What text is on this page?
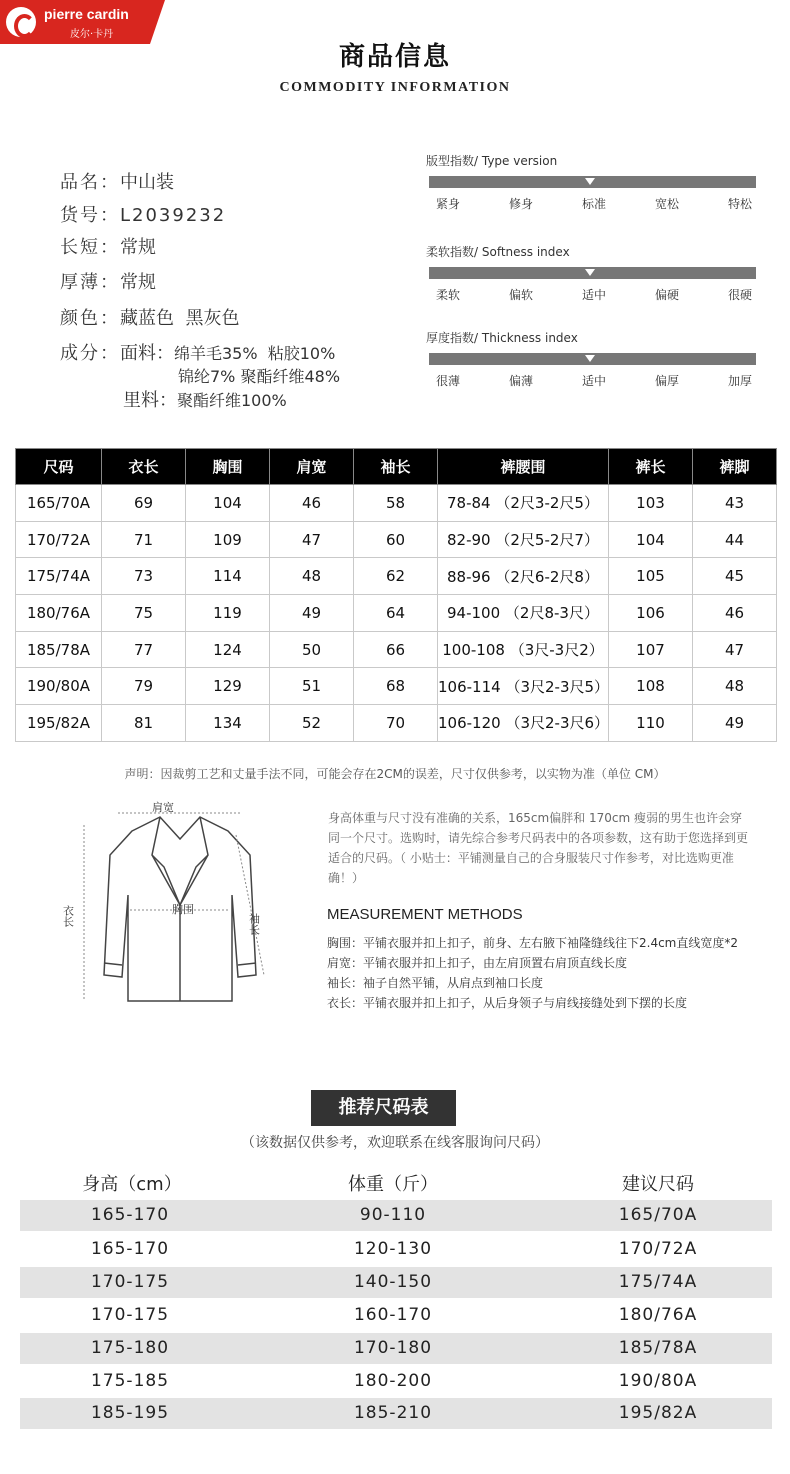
pierre cardin
皮尔·卡丹
商品信息
COMMODITY INFORMATION
品名：中山装
货号：L2039232
长短：常规
厚薄：常规
颜色：藏蓝色  黑灰色
成分：面料：绵羊毛35%  粘胶10%
锦纶7% 聚酯纤维48%
里料：聚酯纤维100%
版型指数/ Type version
紧身	修身	标准	宽松	特松
柔软指数/ Softness index
柔软	偏软	适中	偏硬	很硬
厚度指数/ Thickness index
很薄	偏薄	适中	偏厚	加厚
尺码	衣长	胸围	肩宽	袖长	裤腰围	裤长	裤脚
165/70A	69	104	46	58	78-84 （2尺3-2尺5）	103	43
170/72A	71	109	47	60	82-90 （2尺5-2尺7）	104	44
175/74A	73	114	48	62	88-96 （2尺6-2尺8）	105	45
180/76A	75	119	49	64	94-100 （2尺8-3尺）	106	46
185/78A	77	124	50	66	100-108 （3尺-3尺2）	107	47
190/80A	79	129	51	68	106-114 （3尺2-3尺5）	108	48
195/82A	81	134	52	70	106-120 （3尺2-3尺6）	110	49
声明：因裁剪工艺和丈量手法不同，可能会存在2CM的误差，尺寸仅供参考，以实物为准（单位 CM）
肩宽
胸围
衣长	袖长
身高体重与尺寸没有准确的关系，165cm偏胖和 170cm 瘦弱的男生也许会穿同一个尺寸。选购时，请先综合参考尺码表中的各项参数，这有助于您选择到更适合的尺码。（ 小贴士：平铺测量自己的合身服装尺寸作参考，对比选购更准确！）
MEASUREMENT METHODS
胸围：平铺衣服并扣上扣子，前身、左右腋下袖隆缝线往下2.4cm直线宽度*2
肩宽：平铺衣服并扣上扣子，由左肩顶置右肩顶直线长度
袖长：袖子自然平铺，从肩点到袖口长度
衣长：平铺衣服并扣上扣子，从后身领子与肩线接缝处到下摆的长度
推荐尺码表
（该数据仅供参考，欢迎联系在线客服询问尺码）
身高（cm）	体重（斤）	建议尺码
165-170	90-110	165/70A
165-170	120-130	170/72A
170-175	140-150	175/74A
170-175	160-170	180/76A
175-180	170-180	185/78A
175-185	180-200	190/80A
185-195	185-210	195/82A
